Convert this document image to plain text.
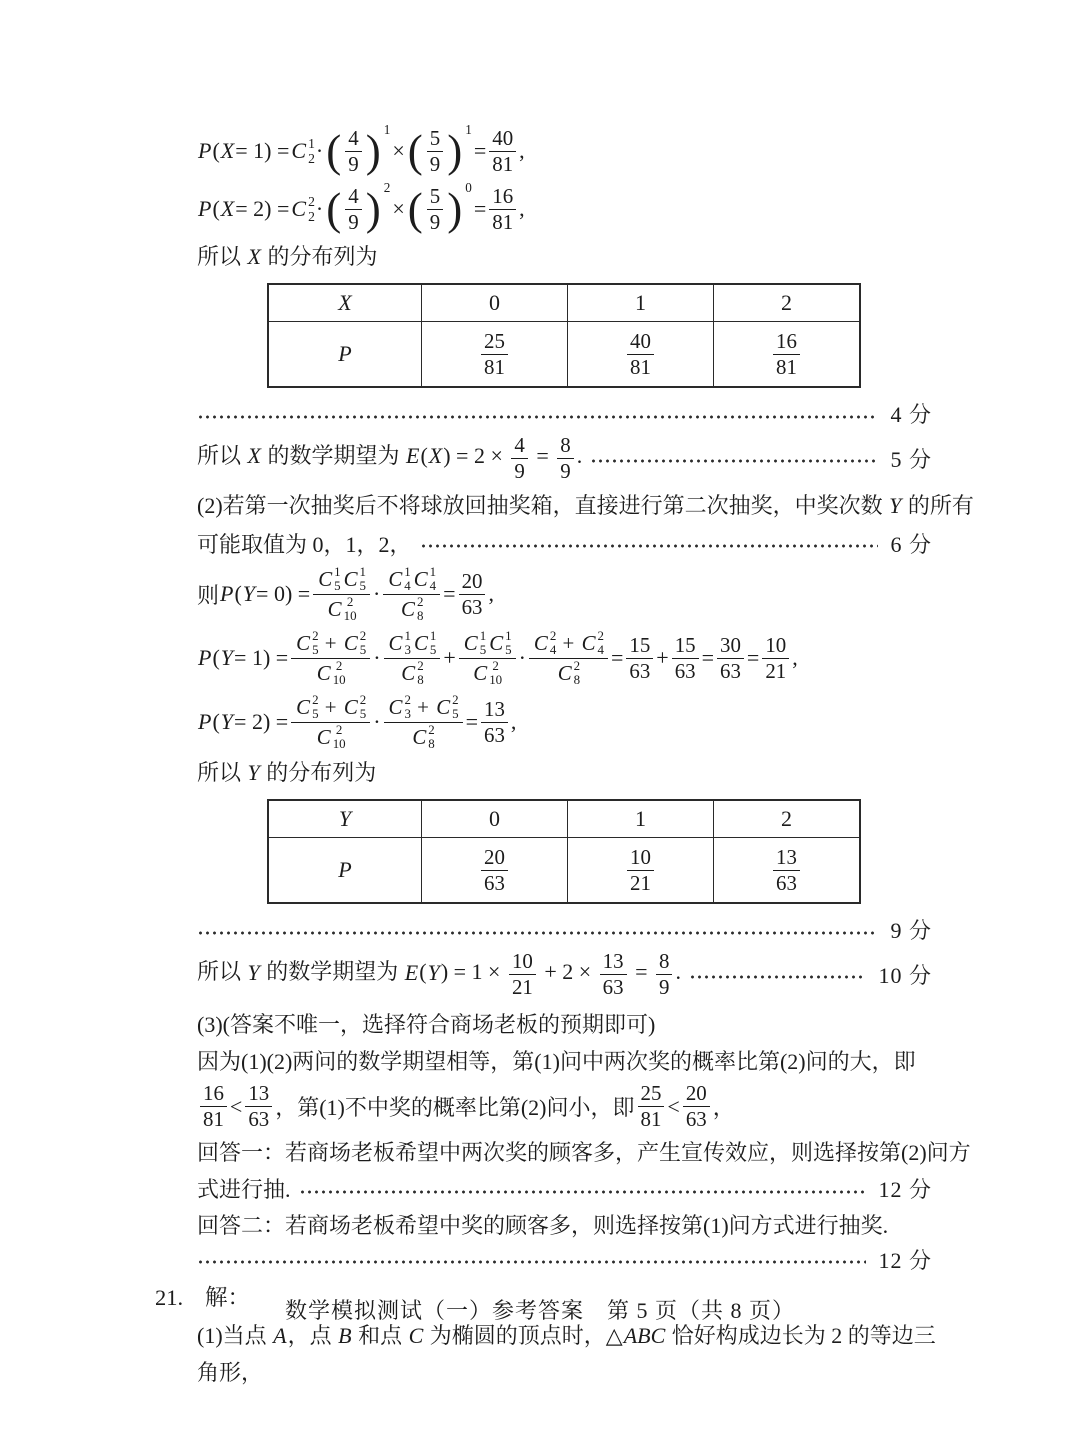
P ( X = 1) = C 1
2 · ( $\frac{4}{9}$ ) 1
× ( $\frac{5}{9}$ ) 1
= $\frac{40}{81}$ ,
P ( X = 2) = C 2
2 · ( $\frac{4}{9}$ ) 2
× ( $\frac{5}{9}$ ) 0
= $\frac{16}{81}$ ,
所以 X 的分布列为
X	0	1	2
P	$\frac{25}{81}$	$\frac{40}{81}$	$\frac{16}{81}$
4 分
所以 X 的数学期望为 $E(X) = 2 \times \frac{4}{9} = \frac{8}{9}$ .	5 分
(2)若第一次抽奖后不将球放回抽奖箱，直接进行第二次抽奖，中奖次数 Y 的所有
可能取值为 0，1，2，	6 分
则 P ( Y = 0) = C 1
5 C 1
5
C 2
10 · C 1
4 C 1
4
C 2
$8 = \frac{20}{63}$ ,
P ( Y = 1) = C 2
5 + C 2
5
C 2
10 · C 1
3 C 1
5
C 2
8 + C 1
5 C 1
5
C 2
10 · C 2
4 + C 2
4
C 2
$8 = \frac{15}{63} + \frac{15}{63} = \frac{30}{63} = \frac{10}{21}$ ,
P ( Y = 2) = C 2
5 + C 2
5
C 2
10 · C 2
3 + C 2
5
C 2
$8 = \frac{13}{63}$ ,
所以 Y 的分布列为
Y	0	1	2
P	$\frac{20}{63}$	$\frac{10}{21}$	$\frac{13}{63}$
9 分
所以 Y 的数学期望为 $E(Y) = 1 \times \frac{10}{21} + 2 \times \frac{13}{63} = \frac{8}{9}$ .	10 分
(3)(答案不唯一，选择符合商场老板的预期即可)
因为(1)(2)两问的数学期望相等，第(1)问中两次奖的概率比第(2)问的大，即
$\frac{16}{81} < \frac{13}{63}$ ，第(1)不中奖的概率比第(2)问小，即 $\frac{25}{81} < \frac{20}{63}$ ，
回答一：若商场老板希望中两次奖的顾客多，产生宣传效应，则选择按第(2)问方
式进行抽.	12 分
回答二：若商场老板希望中奖的顾客多，则选择按第(1)问方式进行抽奖.
12 分
21. 解：
(1)当点 A，点 B 和点 C 为椭圆的顶点时，△ABC 恰好构成边长为 2 的等边三
角形，
数学模拟测试（一）参考答案　第 5 页（共 8 页）
